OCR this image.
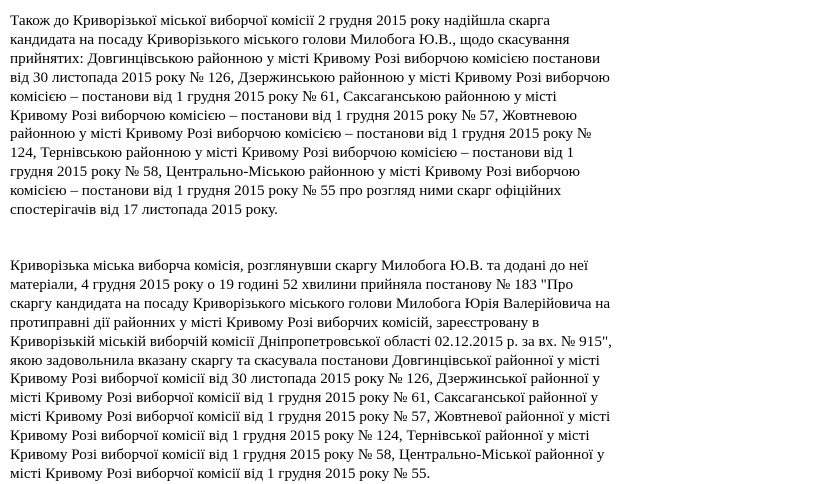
Також до Криворізької міської виборчої комісії 2 грудня 2015 року надійшла скарга
кандидата на посаду Криворізького міського голови Милобога Ю.В., щодо скасування
прийнятих: Довгинцівською районною у місті Кривому Розі виборчою комісією постанови
від 30 листопада 2015 року № 126, Дзержинською районною у місті Кривому Розі виборчою
комісією – постанови від 1 грудня 2015 року № 61, Саксаганською районною у місті
Кривому Розі виборчою комісією – постанови від 1 грудня 2015 року № 57, Жовтневою
районною у місті Кривому Розі виборчою комісією – постанови від 1 грудня 2015 року №
124, Тернівською районною у місті Кривому Розі виборчою комісією – постанови від 1
грудня 2015 року № 58, Центрально-Міською районною у місті Кривому Розі виборчою
комісією – постанови від 1 грудня 2015 року № 55 про розгляд ними скарг офіційних
спостерігачів від 17 листопада 2015 року.

Криворізька міська виборча комісія, розглянувши скаргу Милобога Ю.В. та додані до неї
матеріали, 4 грудня 2015 року о 19 годині 52 хвилини прийняла постанову № 183 "Про
скаргу кандидата на посаду Криворізького міського голови Милобога Юрія Валерійовича на
протиправні дії районних у місті Кривому Розі виборчих комісій, зареєстровану в
Криворізькій міській виборчій комісії Дніпропетровської області 02.12.2015 р. за вх. № 915",
якою задовольнила вказану скаргу та скасувала постанови Довгинцівської районної у місті
Кривому Розі виборчої комісії від 30 листопада 2015 року № 126, Дзержинської районної у
місті Кривому Розі виборчої комісії від 1 грудня 2015 року № 61, Саксаганської районної у
місті Кривому Розі виборчої комісії від 1 грудня 2015 року № 57, Жовтневої районної у місті
Кривому Розі виборчої комісії від 1 грудня 2015 року № 124, Тернівської районної у місті
Кривому Розі виборчої комісії від 1 грудня 2015 року № 58, Центрально-Міської районної у
місті Кривому Розі виборчої комісії від 1 грудня 2015 року № 55.
